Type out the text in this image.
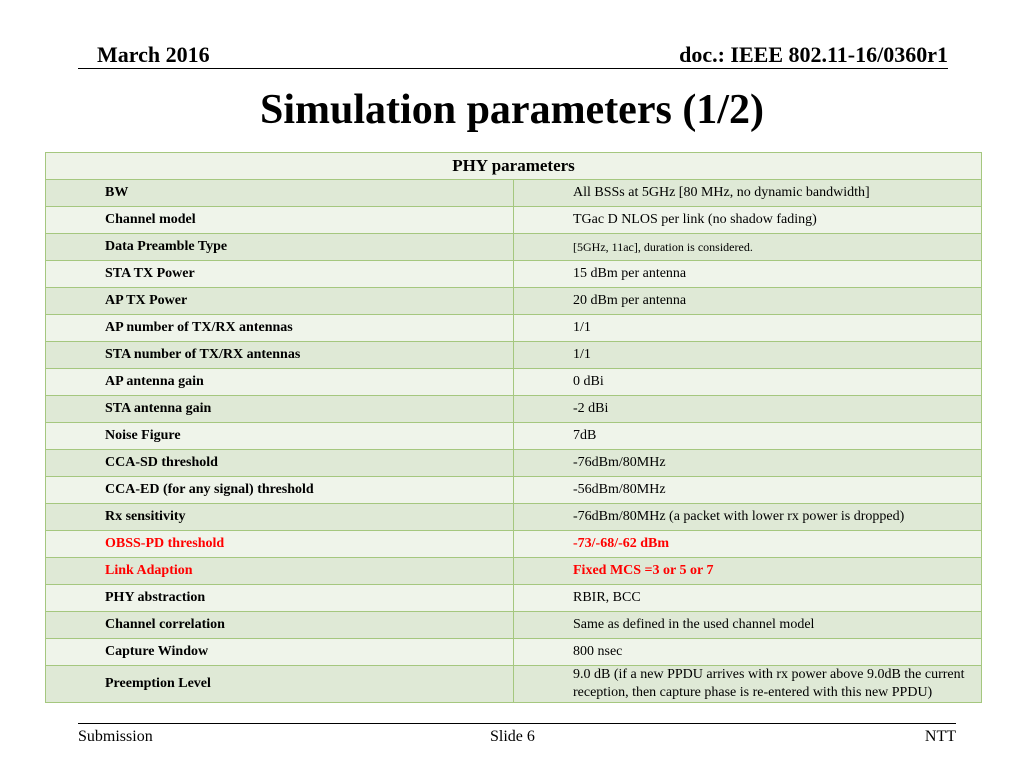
March 2016	doc.: IEEE 802.11-16/0360r1
Simulation parameters (1/2)
PHY parameters	
BW	All BSSs at 5GHz [80 MHz, no dynamic bandwidth]
Channel model	TGac D NLOS per link (no shadow fading)
Data Preamble Type	[5GHz, 11ac], duration is considered.
STA TX Power	15 dBm per antenna
AP TX Power	20 dBm per antenna
AP number of TX/RX antennas	1/1
STA number of TX/RX antennas	1/1
AP antenna gain	0 dBi
STA antenna gain	-2 dBi
Noise Figure	7dB
CCA-SD threshold	-76dBm/80MHz
CCA-ED (for any signal) threshold	-56dBm/80MHz
Rx sensitivity	-76dBm/80MHz (a packet with lower rx power is dropped)
OBSS-PD threshold	-73/-68/-62 dBm
Link Adaption	Fixed MCS =3 or 5 or 7
PHY abstraction	RBIR, BCC
Channel correlation	Same as defined in the used channel model
Capture Window	800 nsec
Preemption Level	9.0 dB (if a new PPDU arrives with rx power above 9.0dB the current reception, then capture phase is re-entered with this new PPDU)
Submission	Slide 6	NTT
